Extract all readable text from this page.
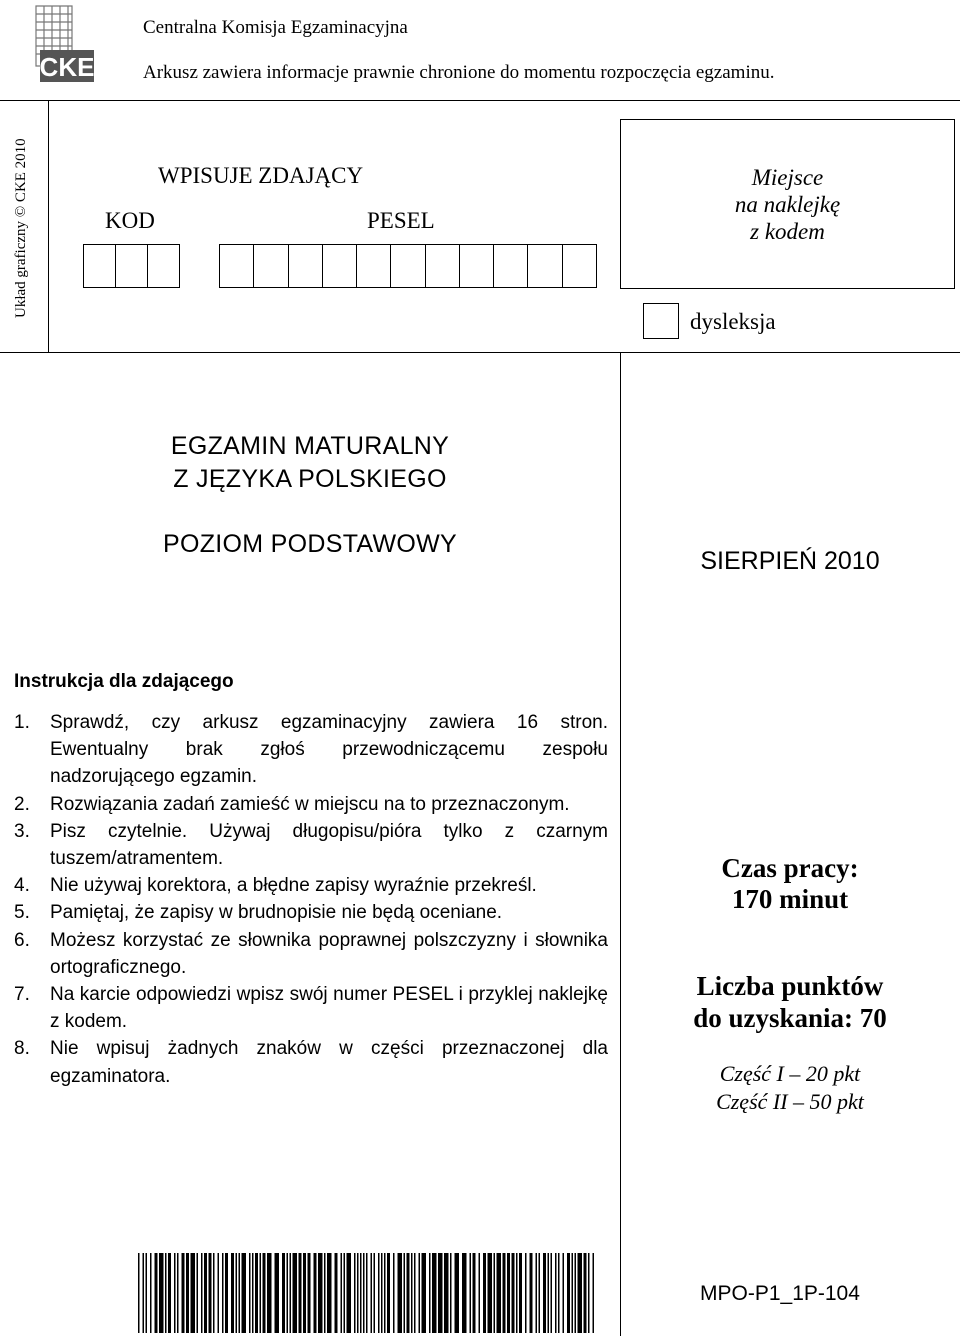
CKE
Centralna Komisja Egzaminacyjna
Arkusz zawiera informacje prawnie chronione do momentu rozpoczęcia egzaminu.
Układ graficzny © CKE 2010	WPISUJE ZDAJĄCY
KOD	PESEL
Miejsce
na naklejkę
z kodem
dysleksja
EGZAMIN MATURALNY
Z JĘZYKA POLSKIEGO
POZIOM PODSTAWOWY
SIERPIEŃ 2010
Instrukcja dla zdającego
1.	Sprawdź, czy arkusz egzaminacyjny zawiera 16 stron. Ewentualny brak zgłoś przewodniczącemu zespołu nadzorującego egzamin.
2.	Rozwiązania zadań zamieść w miejscu na to przeznaczonym.
3.	Pisz czytelnie. Używaj długopisu/pióra tylko z czarnym tuszem/atramentem.
4.	Nie używaj korektora, a błędne zapisy wyraźnie przekreśl.
5.	Pamiętaj, że zapisy w brudnopisie nie będą oceniane.
6.	Możesz korzystać ze słownika poprawnej polszczyzny i słownika ortograficznego.
7.	Na karcie odpowiedzi wpisz swój numer PESEL i przyklej naklejkę z kodem.
8.	Nie wpisuj żadnych znaków w części przeznaczonej dla egzaminatora.
Czas pracy:
170 minut
Liczba punktów
do uzyskania: 70
Część I – 20 pkt
Część II – 50 pkt
MPO-P1_1P-104
